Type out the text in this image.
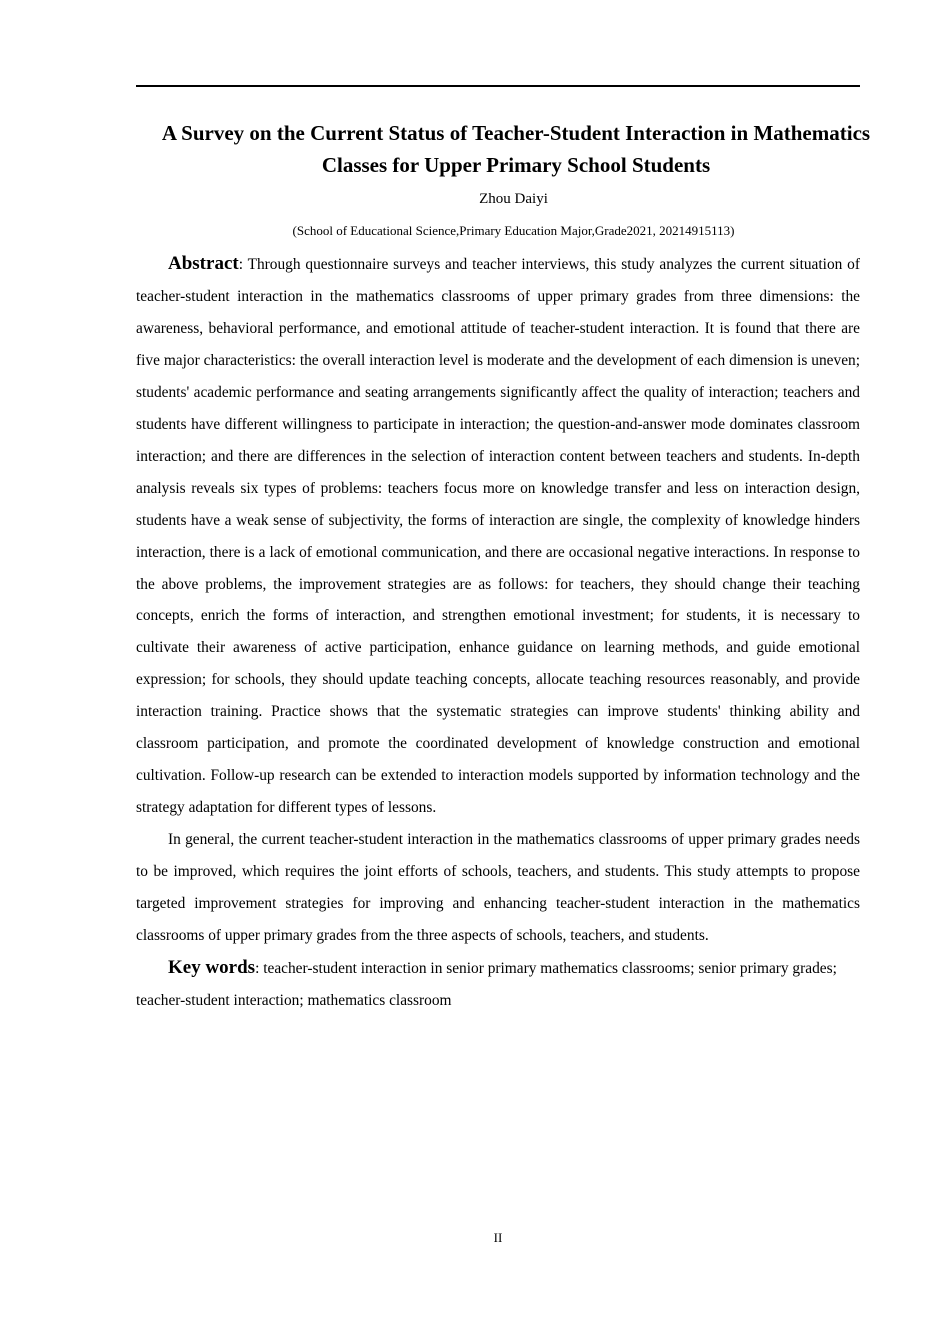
A Survey on the Current Status of Teacher-Student Interaction in Mathematics Classes for Upper Primary School Students

Zhou Daiyi

(School of Educational Science,Primary Education Major,Grade2021, 20214915113)

Abstract: Through questionnaire surveys and teacher interviews, this study analyzes the current situation of teacher-student interaction in the mathematics classrooms of upper primary grades from three dimensions: the awareness, behavioral performance, and emotional attitude of teacher-student interaction. It is found that there are five major characteristics: the overall interaction level is moderate and the development of each dimension is uneven; students' academic performance and seating arrangements significantly affect the quality of interaction; teachers and students have different willingness to participate in interaction; the question-and-answer mode dominates classroom interaction; and there are differences in the selection of interaction content between teachers and students. In-depth analysis reveals six types of problems: teachers focus more on knowledge transfer and less on interaction design, students have a weak sense of subjectivity, the forms of interaction are single, the complexity of knowledge hinders interaction, there is a lack of emotional communication, and there are occasional negative interactions. In response to the above problems, the improvement strategies are as follows: for teachers, they should change their teaching concepts, enrich the forms of interaction, and strengthen emotional investment; for students, it is necessary to cultivate their awareness of active participation, enhance guidance on learning methods, and guide emotional expression; for schools, they should update teaching concepts, allocate teaching resources reasonably, and provide interaction training. Practice shows that the systematic strategies can improve students' thinking ability and classroom participation, and promote the coordinated development of knowledge construction and emotional cultivation. Follow-up research can be extended to interaction models supported by information technology and the strategy adaptation for different types of lessons.

In general, the current teacher-student interaction in the mathematics classrooms of upper primary grades needs to be improved, which requires the joint efforts of schools, teachers, and students. This study attempts to propose targeted improvement strategies for improving and enhancing teacher-student interaction in the mathematics classrooms of upper primary grades from the three aspects of schools, teachers, and students.

Key words: teacher-student interaction in senior primary mathematics classrooms; senior primary grades; teacher-student interaction; mathematics classroom

II
